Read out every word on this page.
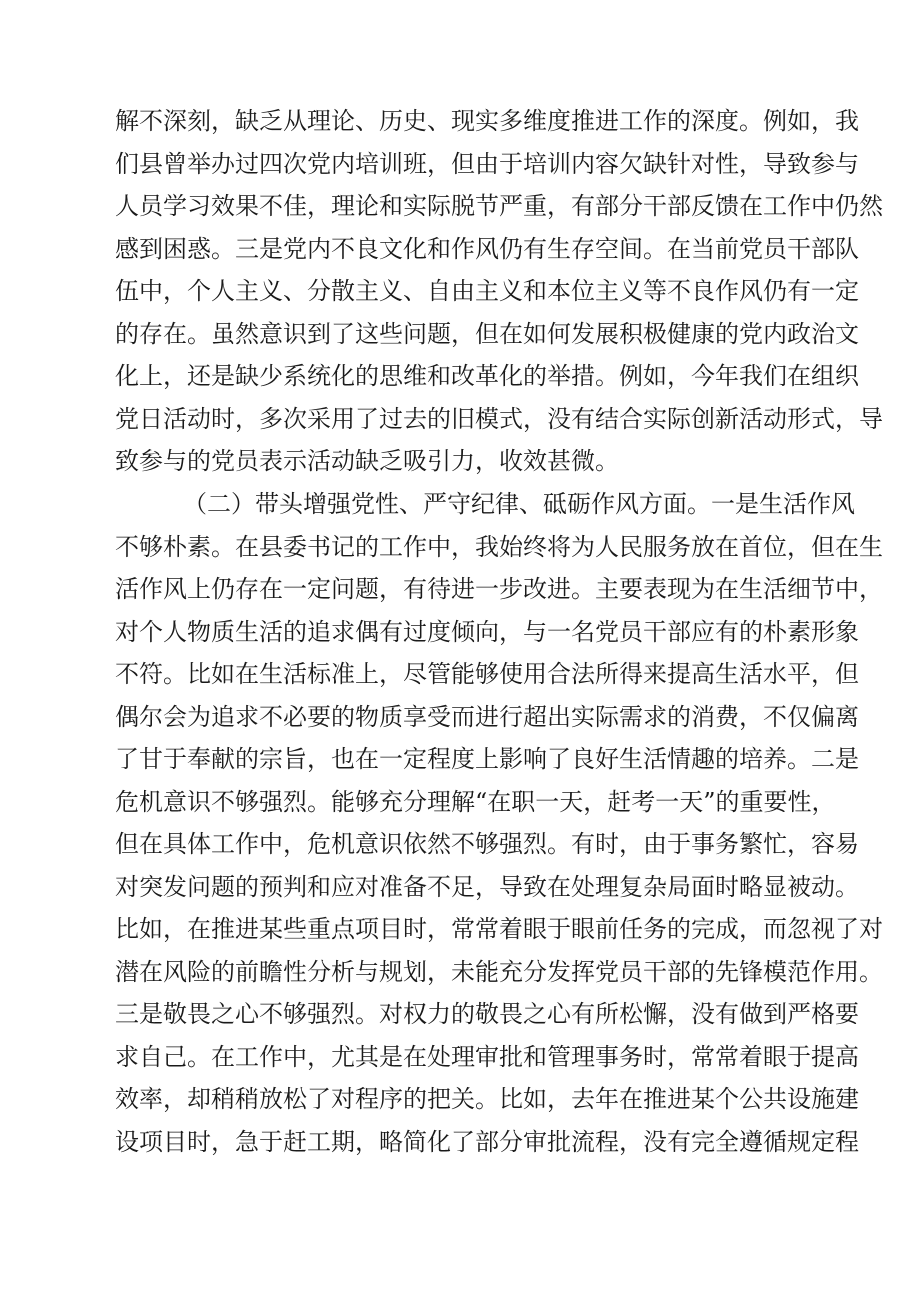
解不深刻，缺乏从理论、历史、现实多维度推进工作的深度。例如，我
们县曾举办过四次党内培训班，但由于培训内容欠缺针对性，导致参与
人员学习效果不佳，理论和实际脱节严重，有部分干部反馈在工作中仍然
感到困惑。三是党内不良文化和作风仍有生存空间。在当前党员干部队
伍中，个人主义、分散主义、自由主义和本位主义等不良作风仍有一定
的存在。虽然意识到了这些问题，但在如何发展积极健康的党内政治文
化上，还是缺少系统化的思维和改革化的举措。例如，今年我们在组织
党日活动时，多次采用了过去的旧模式，没有结合实际创新活动形式，导
致参与的党员表示活动缺乏吸引力，收效甚微。
（二）带头增强党性、严守纪律、砥砺作风方面。一是生活作风
不够朴素。在县委书记的工作中，我始终将为人民服务放在首位，但在生
活作风上仍存在一定问题，有待进一步改进。主要表现为在生活细节中，
对个人物质生活的追求偶有过度倾向，与一名党员干部应有的朴素形象
不符。比如在生活标准上，尽管能够使用合法所得来提高生活水平，但
偶尔会为追求不必要的物质享受而进行超出实际需求的消费，不仅偏离
了甘于奉献的宗旨，也在一定程度上影响了良好生活情趣的培养。二是
危机意识不够强烈。能够充分理解“在职一天，赶考一天”的重要性，
但在具体工作中，危机意识依然不够强烈。有时，由于事务繁忙，容易
对突发问题的预判和应对准备不足，导致在处理复杂局面时略显被动。
比如，在推进某些重点项目时，常常着眼于眼前任务的完成，而忽视了对
潜在风险的前瞻性分析与规划，未能充分发挥党员干部的先锋模范作用。
三是敬畏之心不够强烈。对权力的敬畏之心有所松懈，没有做到严格要
求自己。在工作中，尤其是在处理审批和管理事务时，常常着眼于提高
效率，却稍稍放松了对程序的把关。比如，去年在推进某个公共设施建
设项目时，急于赶工期，略简化了部分审批流程，没有完全遵循规定程
